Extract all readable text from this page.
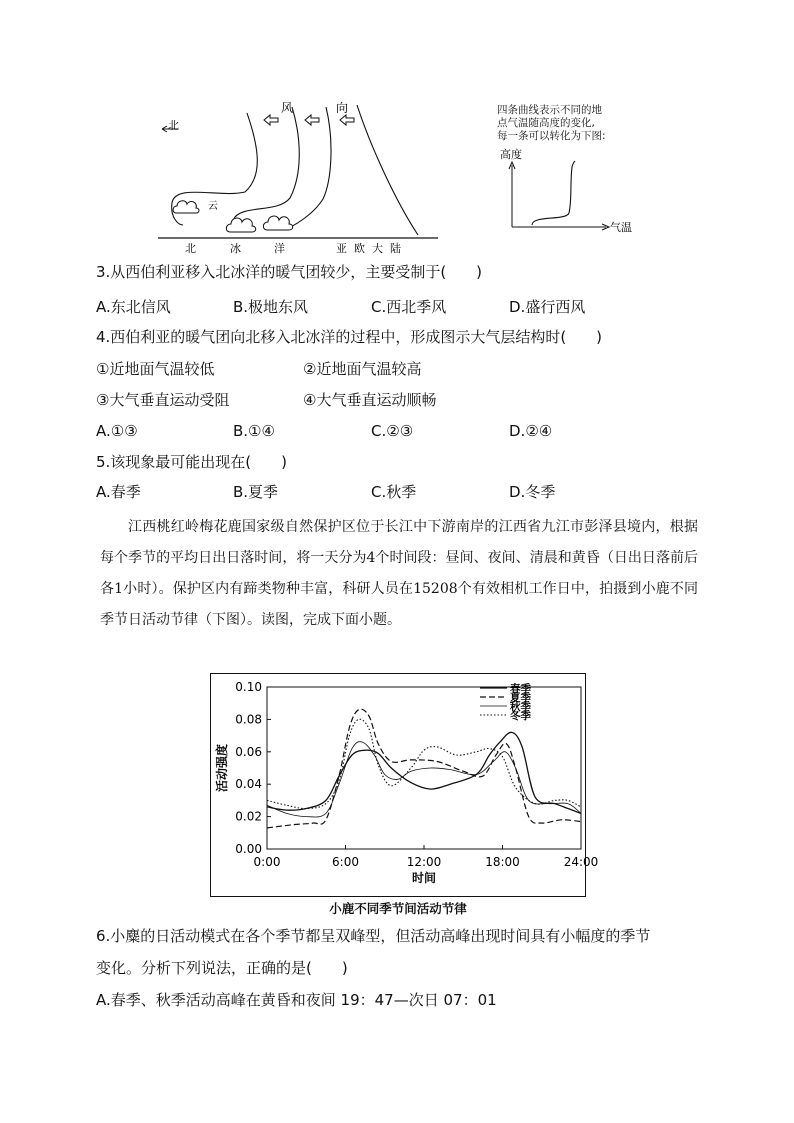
北
风	向
云
北	冰	洋	亚 欧 大 陆
四条曲线表示不同的地
点气温随高度的变化,
每一条可以转化为下图:
高度
气温
3.从西伯利亚移入北冰洋的暖气团较少，主要受制于(　　)
A.东北信风	B.极地东风	C.西北季风	D.盛行西风
4.西伯利亚的暖气团向北移入北冰洋的过程中，形成图示大气层结构时(　　)
①近地面气温较低	②近地面气温较高
③大气垂直运动受阻	④大气垂直运动顺畅
A.①③	B.①④	C.②③	D.②④
5.该现象最可能出现在(　　)
A.春季	B.夏季	C.秋季	D.冬季
江西桃红岭梅花鹿国家级自然保护区位于长江中下游南岸的江西省九江市彭泽县境内，根据每个季节的平均日出日落时间，将一天分为4个时间段：昼间、夜间、清晨和黄昏（日出日落前后各1小时）。保护区内有蹄类物种丰富，科研人员在15208个有效相机工作日中，拍摄到小鹿不同季节日活动节律（下图）。读图，完成下面小题。
0.00
0.02
0.04
0.06
0.08
0.10
0:00	6:00	12:00	18:00	24:00
时间
活动强度
春季
夏季
秋季
冬季
小鹿不同季节间活动节律
6.小麋的日活动模式在各个季节都呈双峰型，但活动高峰出现时间具有小幅度的季节
变化。分析下列说法，正确的是(　　)
A.春季、秋季活动高峰在黄昏和夜间 19：47—次日 07：01
